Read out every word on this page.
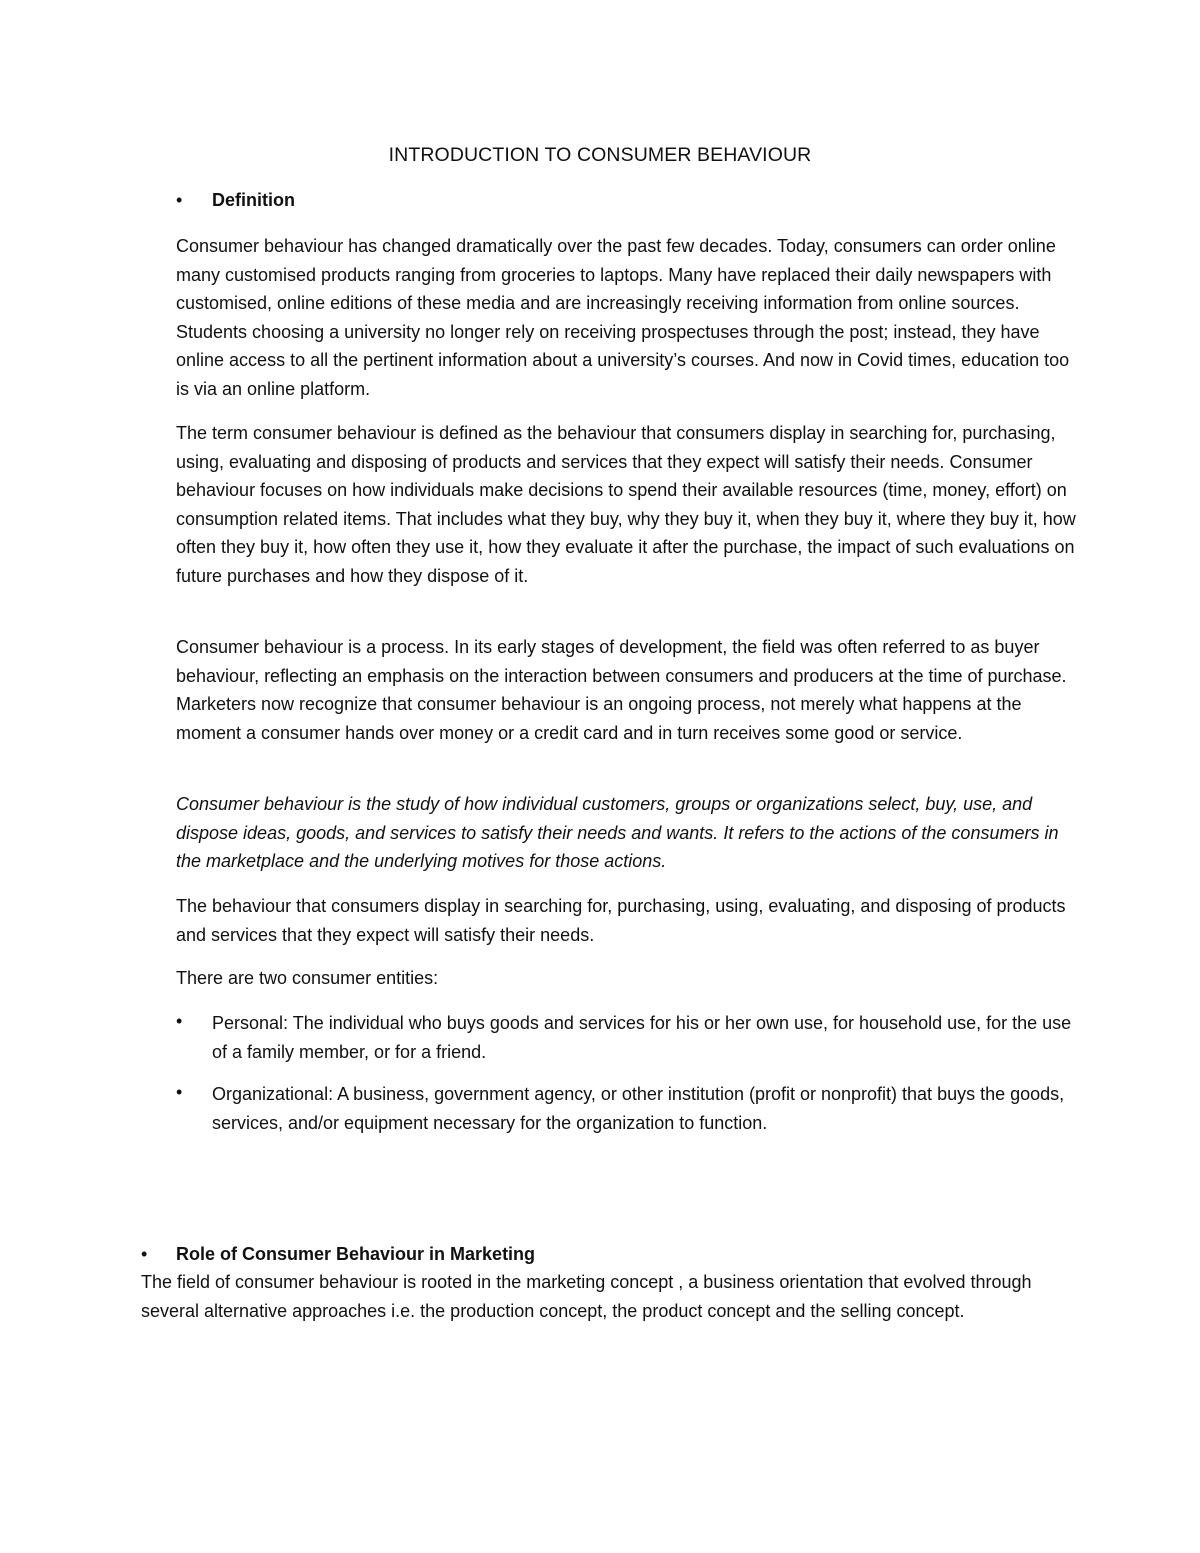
INTRODUCTION TO CONSUMER BEHAVIOUR
• Definition

Consumer behaviour has changed dramatically over the past few decades. Today, consumers can order online many customised products ranging from groceries to laptops. Many have replaced their daily newspapers with customised, online editions of these media and are increasingly receiving information from online sources. Students choosing a university no longer rely on receiving prospectuses through the post; instead, they have online access to all the pertinent information about a university’s courses. And now in Covid times, education too is via an online platform.

The term consumer behaviour is defined as the behaviour that consumers display in searching for, purchasing, using, evaluating and disposing of products and services that they expect will satisfy their needs. Consumer behaviour focuses on how individuals make decisions to spend their available resources (time, money, effort) on consumption related items. That includes what they buy, why they buy it, when they buy it, where they buy it, how often they buy it, how often they use it, how they evaluate it after the purchase, the impact of such evaluations on future purchases and how they dispose of it.

Consumer behaviour is a process. In its early stages of development, the field was often referred to as buyer behaviour, reflecting an emphasis on the interaction between consumers and producers at the time of purchase. Marketers now recognize that consumer behaviour is an ongoing process, not merely what happens at the moment a consumer hands over money or a credit card and in turn receives some good or service.

Consumer behaviour is the study of how individual customers, groups or organizations select, buy, use, and dispose ideas, goods, and services to satisfy their needs and wants. It refers to the actions of the consumers in the marketplace and the underlying motives for those actions.

The behaviour that consumers display in searching for, purchasing, using, evaluating, and disposing of products and services that they expect will satisfy their needs.

There are two consumer entities:

• Personal: The individual who buys goods and services for his or her own use, for household use, for the use of a family member, or for a friend.
• Organizational: A business, government agency, or other institution (profit or nonprofit) that buys the goods, services, and/or equipment necessary for the organization to function.
• Role of Consumer Behaviour in Marketing
The field of consumer behaviour is rooted in the marketing concept , a business orientation that evolved through several alternative approaches i.e. the production concept, the product concept and the selling concept.
